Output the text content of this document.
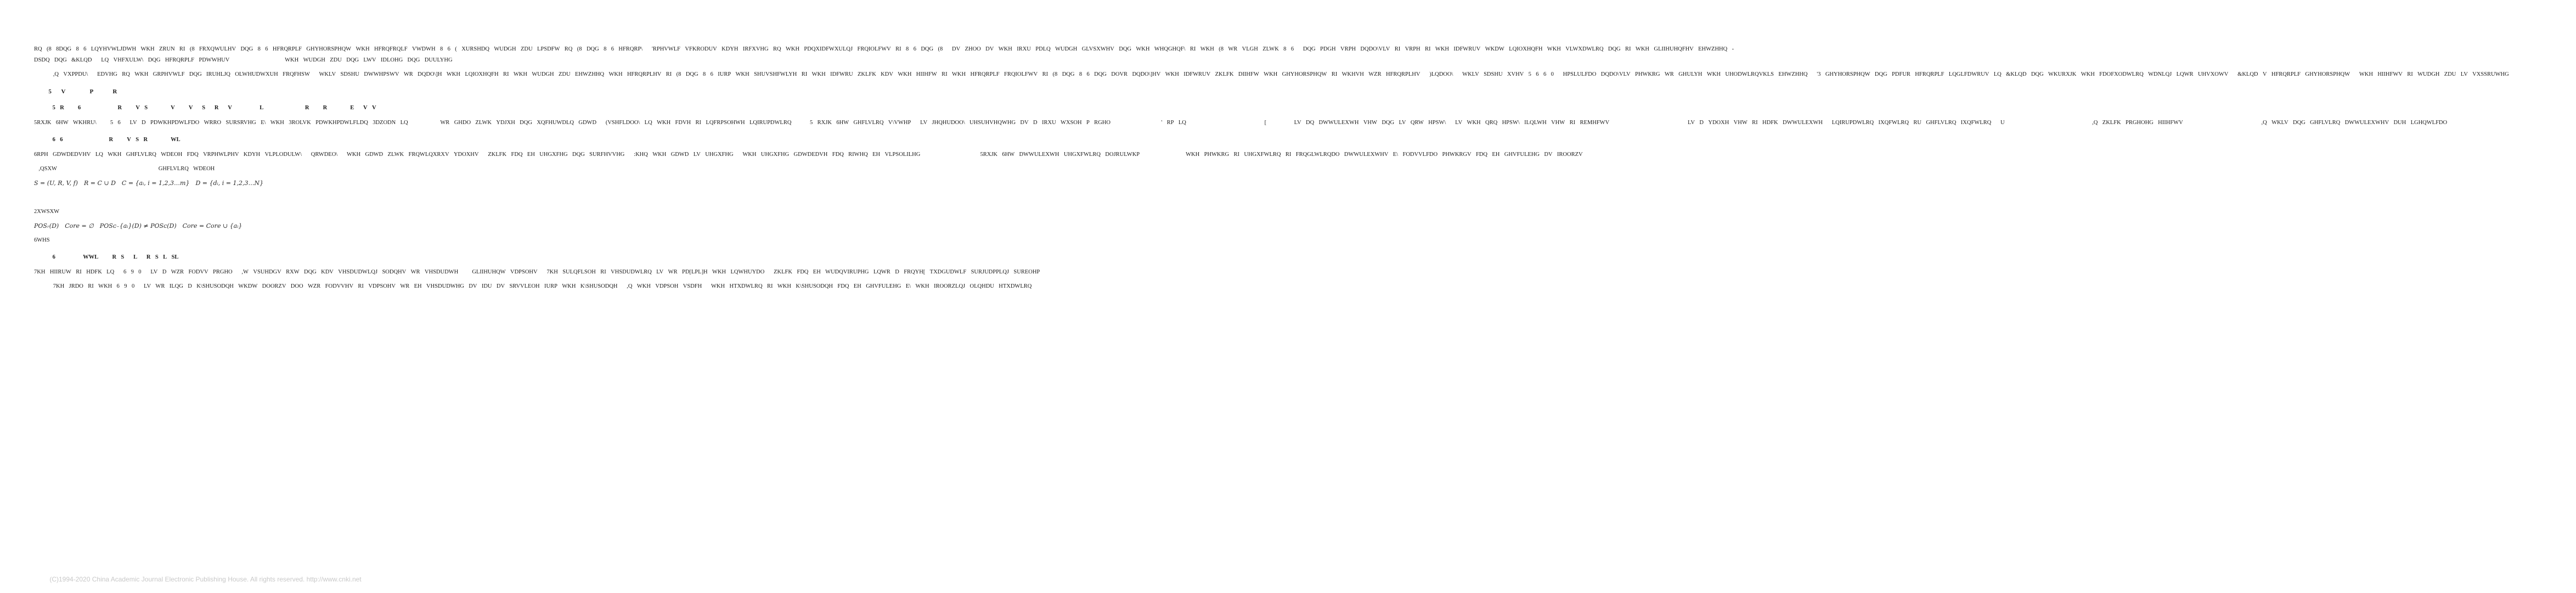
RQ(88DQG86LQYHVWLJDWHWKHZRUNRI(8FRXQWULHVDQG86HFRQRPLFGHYHORSPHQWWKHHFRQFRQLFVWDWH86(XURSHDQWUDGHZDULPSDFWRQ(8DQG86HFRQRP\'RPHVWLFVFKRODUVKDYHIRFXVHGRQWKHPDQXIDFWXULQJFRQIOLFWVRI86DQG(8DVZHOODVWKHIRXUPDLQWUDGHGLVSXWHVDQGWKHWHQGHQF\RIWKH(8WRVLGHZLWK86DQGPDGHVRPHDQDO\VLVRIVRPHRIWKHIDFWRUVWKDWLQIOXHQFHWKHVLWXDWLRQDQGRIWKHGLIIHUHQFHVEHWZHHQ-DSDQDQG&KLQDLQVHFXULW\DQGHFRQRPLFPDWWHUVWKHWUDGHZDUDQGLWVIDLOHGDQGDUULYHG

,QVXPPDU\EDVHGRQWKHGRPHVWLFDQGIRUHLJQOLWHUDWXUHFRQFHSWWKLVSDSHUDWWHPSWVWRDQDO\]HWKHLQIOXHQFHRIWKHWUDGHZDUEHWZHHQWKHHFRQRPLHVRI(8DQG86IURPWKHSHUVSHFWLYHRIWKHIDFWRUZKLFKKDVWKHHIIHFWRIWKHHFRQRPLFFRQIOLFWVRI(8DQG86DQGDOVRDQDO\]HVWKHIDFWRUVZKLFKDIIHFWWKHGHYHORSPHQWRIWKHVHWZRHFRQRPLHV)LQDOO\WKLVSDSHUXVHV5660HPSLULFDODQDO\VLVPHWKRGWRGHULYHWKHUHODWLRQVKLSEHWZHHQ'3GHYHORSPHQWDQGPDFURHFRQRPLFLQGLFDWRUVLQ&KLQDDQGWKURXJKWKHFDOFXODWLRQWDNLQJLQWRUHVXOWV&KLQDVHFRQRPLFGHYHORSPHQWWKHHIIHFWVRIWUDGHZDULVVXSSRUWHG

5VPR
5R6RVSVVSRVLRREVV

5RXJK6HWWKHRU\56LVDPDWKHPDWLFDOWRROSURSRVHGE\WKH3ROLVKPDWKHPDWLFLDQ3DZODNLQWRGHDOZLWKYDJXHDQGXQFHUWDLQGDWD(VSHFLDOO\LQWKHFDVHRILQFRPSOHWHLQIRUPDWLRQ5RXJK6HWGHFLVLRQV\VWHPLVJHQHUDOO\UHSUHVHQWHGDVDIRXUWXSOHPRGHO'RPLQ[LVDQDWWULEXWHVHWDQGLVQRWHPSW\LVWKHQRQHPSW\ILQLWHVHWRIREMHFWVLVDYDOXHVHWRIHDFKDWWULEXWHLQIRUPDWLRQIXQFWLRQRUGHFLVLRQIXQFWLRQU,QZKLFKPRGHOHGHIIHFWV,QWKLVDQGGHFLVLRQDWWULEXWHVDUHLGHQWLFDO

66RVSRWL

6RPHGDWDEDVHVLQWKHGHFLVLRQWDEOHFDQVRPHWLPHVKDYHVLPLODULW\QRWDEO\WKHGDWDZLWKFRQWLQXRXVYDOXHVZKLFKFDQEHUHGXFHGDQGSURFHVVHG:KHQWKHGDWDLVUHGXFHGWKHUHGXFHGGDWDEDVHFDQRIWHQEHVLPSOLILHG5RXJK6HWDWWULEXWHUHGXFWLRQDOJRULWKPWKHPHWKRGRIUHGXFWLRQRIFRQGLWLRQDODWWULEXWHVE\FODVVLFDOPHWKRGVFDQEHGHVFULEHGDVIROORZV

,QSXWGHFLVLRQWDEOH

S = (U, R, V, f) R = C ∪ D C = {aᵢ, i = 1,2,3…m} D = {dᵢ, i = 1,2,3…N}



2XWSXW

POSᵣ(D) Core = ∅ POSᴄ₋{aᵢ}(D) ≠ POSᴄ(D) Core = Core ∪ {aᵢ}

6WHS

6WWLRSLRSLSL

7KHHIIRUWRIHDFKLQ690LVDWZRFODVVPRGHO,WVSUHDGVRXWDQGKDVVHSDUDWLQJSODQHVWRVHSDUDWHGLIIHUHQWVDPSOHV7KHSULQFLSOHRIVHSDUDWLRQLVWRPD[LPL]HWKHLQWHUYDOZKLFKFDQEHWUDQVIRUPHGLQWRDFRQYH[TXDGUDWLFSURJUDPPLQJSUREOHP

7KHJRDORIWKH690LVWRILQGDK\SHUSODQHWKDWDOORZVDOOWZRFODVVHVRIVDPSOHVWREHVHSDUDWHGDVIDUDVSRVVLEOHIURPWKHK\SHUSODQH,QWKHVDPSOHVSDFHWKHHTXDWLRQRIWKHK\SHUSODQHFDQEHGHVFULEHGE\WKHIROORZLQJOLQHDUHTXDWLRQ

(C)1994-2020 China Academic Journal Electronic Publishing House. All rights reserved. http://www.cnki.net
